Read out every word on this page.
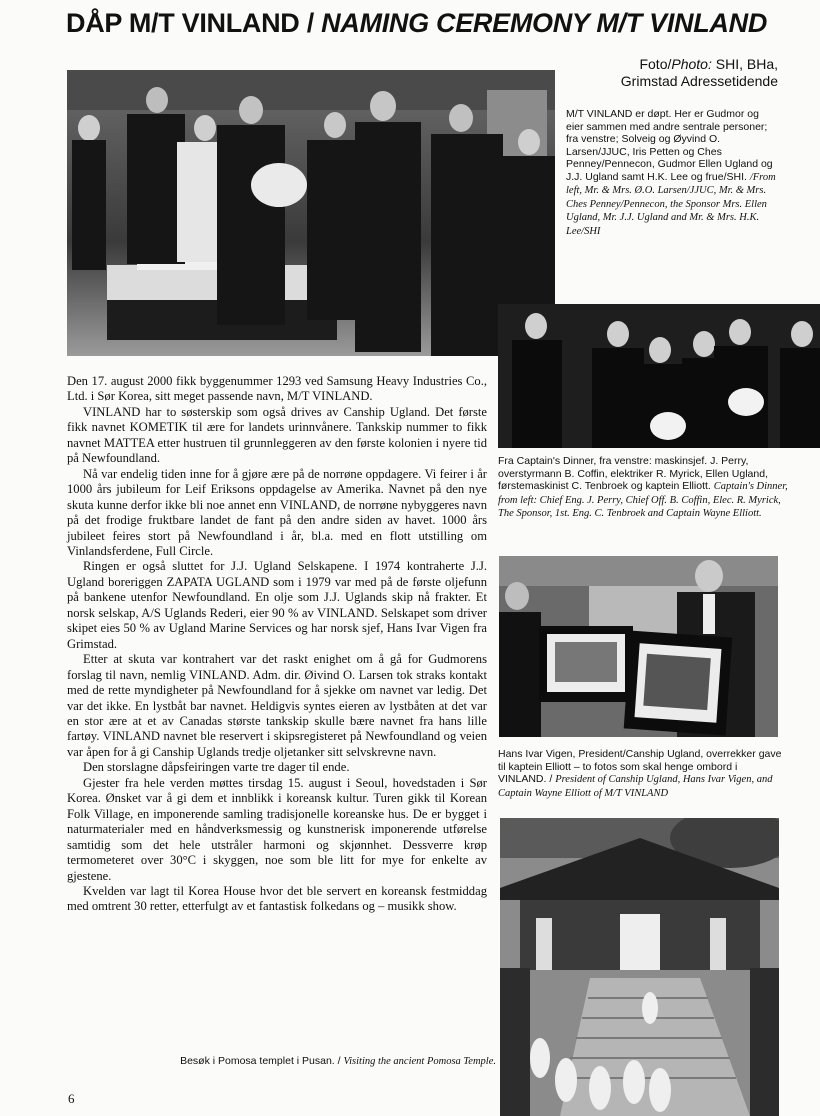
DÅP M/T VINLAND / NAMING CEREMONY M/T VINLAND
Foto/Photo: SHI, BHa,
Grimstad Adressetidende
M/T VINLAND er døpt. Her er Gudmor og eier sammen med andre sentrale personer; fra venstre; Solveig og Øyvind O. Larsen/JJUC, Iris Petten og Ches Penney/Pennecon, Gudmor Ellen Ugland og J.J. Ugland samt H.K. Lee og frue/SHI. /From left, Mr. & Mrs. Ø.O. Larsen/JJUC, Mr. & Mrs. Ches Penney/Pennecon, the Sponsor Mrs. Ellen Ugland, Mr. J.J. Ugland and Mr. & Mrs. H.K. Lee/SHI
Fra Captain's Dinner, fra venstre: maskinsjef. J. Perry, overstyrmann B. Coffin, elektriker R. Myrick, Ellen Ugland, førstemaskinist C. Tenbroek og kaptein Elliott. Captain's Dinner, from left: Chief Eng. J. Perry, Chief Off. B. Coffin, Elec. R. Myrick, The Sponsor, 1st. Eng. C. Tenbroek and Captain Wayne Elliott.
Hans Ivar Vigen, President/Canship Ugland, overrekker gave til kaptein Elliott – to fotos som skal henge ombord i VINLAND. / President of Canship Ugland, Hans Ivar Vigen, and Captain Wayne Elliott of M/T VINLAND
Besøk i Pomosa templet i Pusan. / Visiting the ancient Pomosa Temple.

Den 17. august 2000 fikk byggenummer 1293 ved Samsung Heavy Industries Co., Ltd. i Sør Korea, sitt meget passende navn, M/T VINLAND.

VINLAND har to søsterskip som også drives av Canship Ugland. Det første fikk navnet KOMETIK til ære for landets urinnvånere. Tankskip nummer to fikk navnet MATTEA etter hustruen til grunnleggeren av den første kolonien i nyere tid på Newfoundland.

Nå var endelig tiden inne for å gjøre ære på de norrøne oppdagere. Vi feirer i år 1000 års jubileum for Leif Eriksons oppdagelse av Amerika. Navnet på den nye skuta kunne derfor ikke bli noe annet enn VINLAND, de norrøne nybyggeres navn på det frodige fruktbare landet de fant på den andre siden av havet. 1000 års jubileet feires stort på Newfoundland i år, bl.a. med en flott utstilling om Vinlandsferdene, Full Circle.

Ringen er også sluttet for J.J. Ugland Selskapene. I 1974 kontraherte J.J. Ugland boreriggen ZAPATA UGLAND som i 1979 var med på de første oljefunn på bankene utenfor Newfoundland. En olje som J.J. Uglands skip nå frakter. Et norsk selskap, A/S Uglands Rederi, eier 90 % av VINLAND. Selskapet som driver skipet eies 50 % av Ugland Marine Services og har norsk sjef, Hans Ivar Vigen fra Grimstad.

Etter at skuta var kontrahert var det raskt enighet om å gå for Gudmorens forslag til navn, nemlig VINLAND. Adm. dir. Øivind O. Larsen tok straks kontakt med de rette myndigheter på Newfoundland for å sjekke om navnet var ledig. Det var det ikke. En lystbåt bar navnet. Heldigvis syntes eieren av lystbåten at det var en stor ære at et av Canadas største tankskip skulle bære navnet fra hans lille fartøy. VINLAND navnet ble reservert i skipsregisteret på Newfoundland og veien var åpen for å gi Canship Uglands tredje oljetanker sitt selvskrevne navn.

Den storslagne dåpsfeiringen varte tre dager til ende.

Gjester fra hele verden møttes tirsdag 15. august i Seoul, hovedstaden i Sør Korea. Ønsket var å gi dem et innblikk i koreansk kultur. Turen gikk til Korean Folk Village, en imponerende samling tradisjonelle koreanske hus. De er bygget i naturmaterialer med en håndverksmessig og kunstnerisk imponerende utførelse samtidig som det hele utstråler harmoni og skjønnhet. Dessverre krøp termometeret over 30°C i skyggen, noe som ble litt for mye for enkelte av gjestene.

Kvelden var lagt til Korea House hvor det ble servert en koreansk festmiddag med omtrent 30 retter, etterfulgt av et fantastisk folkedans og – musikk show.

6
